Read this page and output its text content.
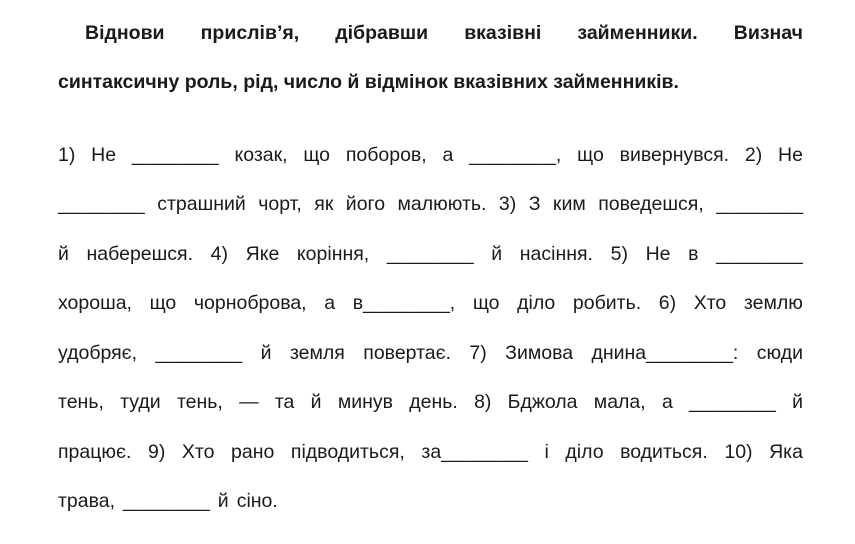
Віднови прислів’я, дібравши вказівні займенники. Визнач
синтаксичну роль, рід, число й відмінок вказівних займенників.
1) Не ________ козак, що поборов, а ________, що вивернувся. 2) Не
________ страшний чорт, як його малюють. 3) З ким поведешся, ________
й наберешся. 4) Яке коріння, ________ й насіння. 5) Не в ________
хороша, що чорноброва, а в________, що діло робить. 6) Хто землю
удобряє, ________ й земля повертає. 7) Зимова днина________: сюди
тень, туди тень, — та й минув день. 8) Бджола мала, а ________ й
працює. 9) Хто рано підводиться, за________ і діло водиться. 10) Яка
трава, ________ й сіно.
